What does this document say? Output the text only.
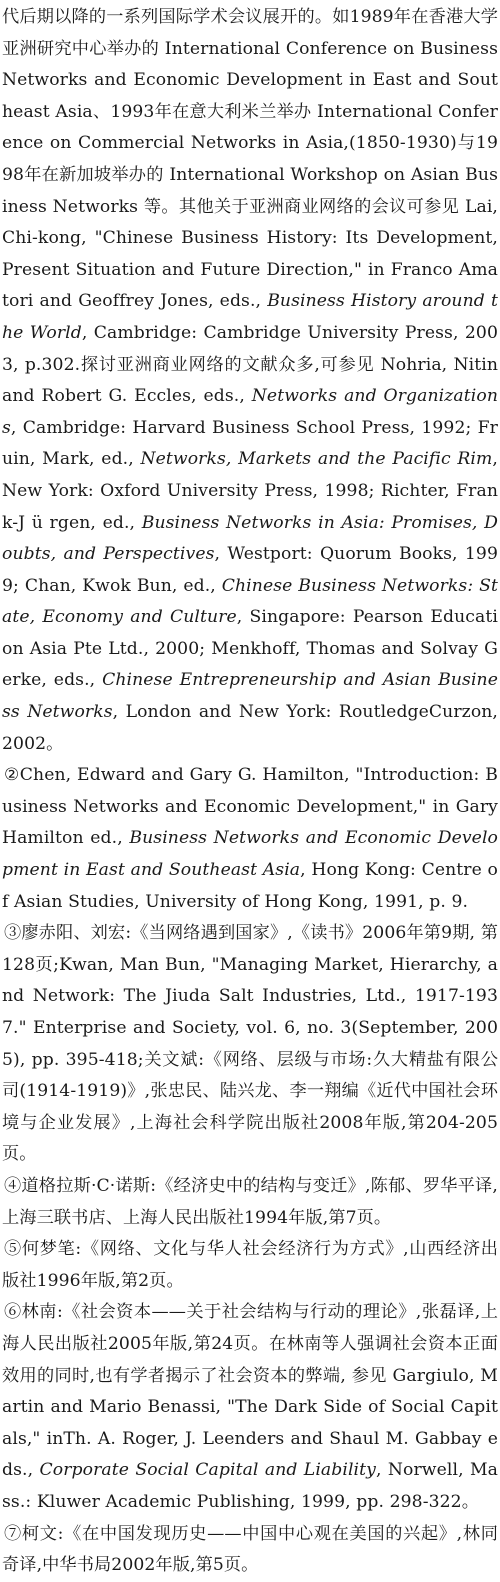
代后期以降的一系列国际学术会议展开的。如1989年在香港大学亚洲研究中心举办的 International Conference on Business Networks and Economic Development in East and Southeast Asia、1993年在意大利米兰举办 International Conference on Commercial Networks in Asia,(1850-1930)与1998年在新加坡举办的 International Workshop on Asian Business Networks 等。其他关于亚洲商业网络的会议可参见 Lai, Chi-kong, "Chinese Business History: Its Development, Present Situation and Future Direction," in Franco Amatori and Geoffrey Jones, eds., Business History around the World, Cambridge: Cambridge University Press, 2003, p.302.探讨亚洲商业网络的文献众多,可参见 Nohria, Nitin and Robert G. Eccles, eds., Networks and Organizations, Cambridge: Harvard Business School Press, 1992; Fruin, Mark, ed., Networks, Markets and the Pacific Rim, New York: Oxford University Press, 1998; Richter, Frank-J ü rgen, ed., Business Networks in Asia: Promises, Doubts, and Perspectives, Westport: Quorum Books, 1999; Chan, Kwok Bun, ed., Chinese Business Networks: State, Economy and Culture, Singapore: Pearson Education Asia Pte Ltd., 2000; Menkhoff, Thomas and Solvay Gerke, eds., Chinese Entrepreneurship and Asian Business Networks, London and New York: RoutledgeCurzon, 2002。

②Chen, Edward and Gary G. Hamilton, "Introduction: Business Networks and Economic Development," in Gary Hamilton ed., Business Networks and Economic Development in East and Southeast Asia, Hong Kong: Centre of Asian Studies, University of Hong Kong, 1991, p. 9.

③廖赤阳、刘宏:《当网络遇到国家》,《读书》2006年第9期, 第128页;Kwan, Man Bun, "Managing Market, Hierarchy, and Network: The Jiuda Salt Industries, Ltd., 1917-1937." Enterprise and Society, vol. 6, no. 3(September, 2005), pp. 395-418;关文斌:《网络、层级与市场:久大精盐有限公司(1914-1919)》,张忠民、陆兴龙、李一翔编《近代中国社会环境与企业发展》,上海社会科学院出版社2008年版,第204-205页。

④道格拉斯·C·诺斯:《经济史中的结构与变迁》,陈郁、罗华平译,上海三联书店、上海人民出版社1994年版,第7页。

⑤何梦笔:《网络、文化与华人社会经济行为方式》,山西经济出版社1996年版,第2页。

⑥林南:《社会资本——关于社会结构与行动的理论》,张磊译,上海人民出版社2005年版,第24页。在林南等人强调社会资本正面效用的同时,也有学者揭示了社会资本的弊端, 参见 Gargiulo, Martin and Mario Benassi, "The Dark Side of Social Capitals," inTh. A. Roger, J. Leenders and Shaul M. Gabbay eds., Corporate Social Capital and Liability, Norwell, Mass.: Kluwer Academic Publishing, 1999, pp. 298-322。

⑦柯文:《在中国发现历史——中国中心观在美国的兴起》,林同奇译,中华书局2002年版,第5页。
